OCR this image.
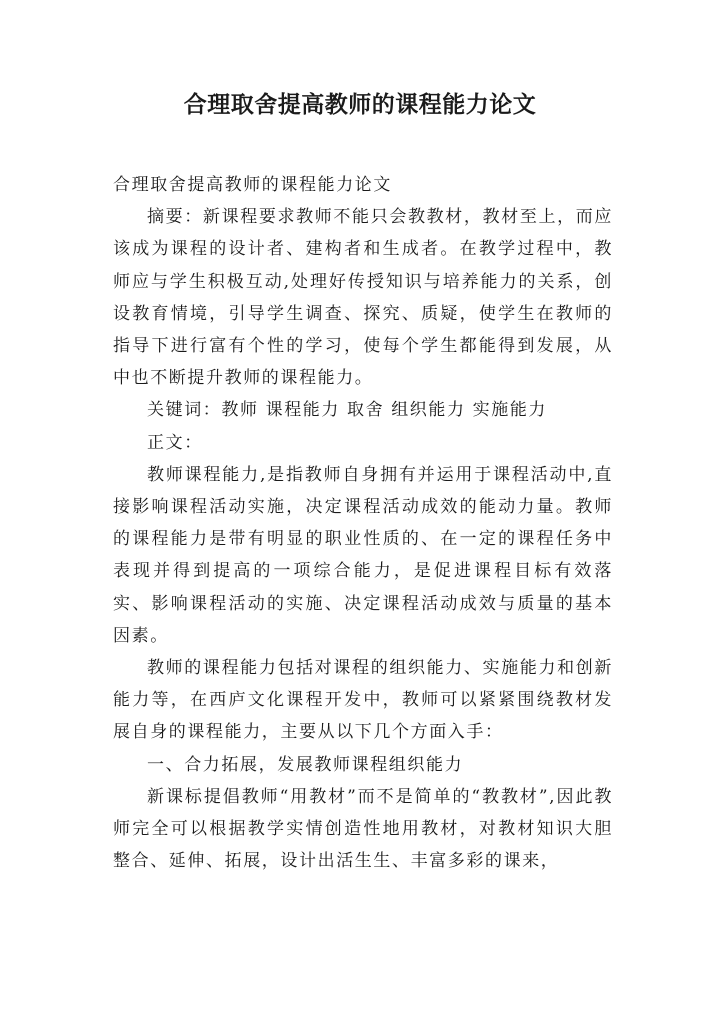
合理取舍提高教师的课程能力论文

合理取舍提高教师的课程能力论文

摘要：新课程要求教师不能只会教教材，教材至上，而应该成为课程的设计者、建构者和生成者。在教学过程中，教师应与学生积极互动,处理好传授知识与培养能力的关系，创设教育情境，引导学生调查、探究、质疑，使学生在教师的指导下进行富有个性的学习，使每个学生都能得到发展，从中也不断提升教师的课程能力。

关键词：教师 课程能力 取舍 组织能力 实施能力

正文：

教师课程能力,是指教师自身拥有并运用于课程活动中,直接影响课程活动实施，决定课程活动成效的能动力量。教师的课程能力是带有明显的职业性质的、在一定的课程任务中表现并得到提高的一项综合能力，是促进课程目标有效落实、影响课程活动的实施、决定课程活动成效与质量的基本因素。

教师的课程能力包括对课程的组织能力、实施能力和创新能力等，在西庐文化课程开发中，教师可以紧紧围绕教材发展自身的课程能力，主要从以下几个方面入手：

一、合力拓展，发展教师课程组织能力

新课标提倡教师“用教材”而不是简单的“教教材”,因此教师完全可以根据教学实情创造性地用教材，对教材知识大胆整合、延伸、拓展，设计出活生生、丰富多彩的课来，
